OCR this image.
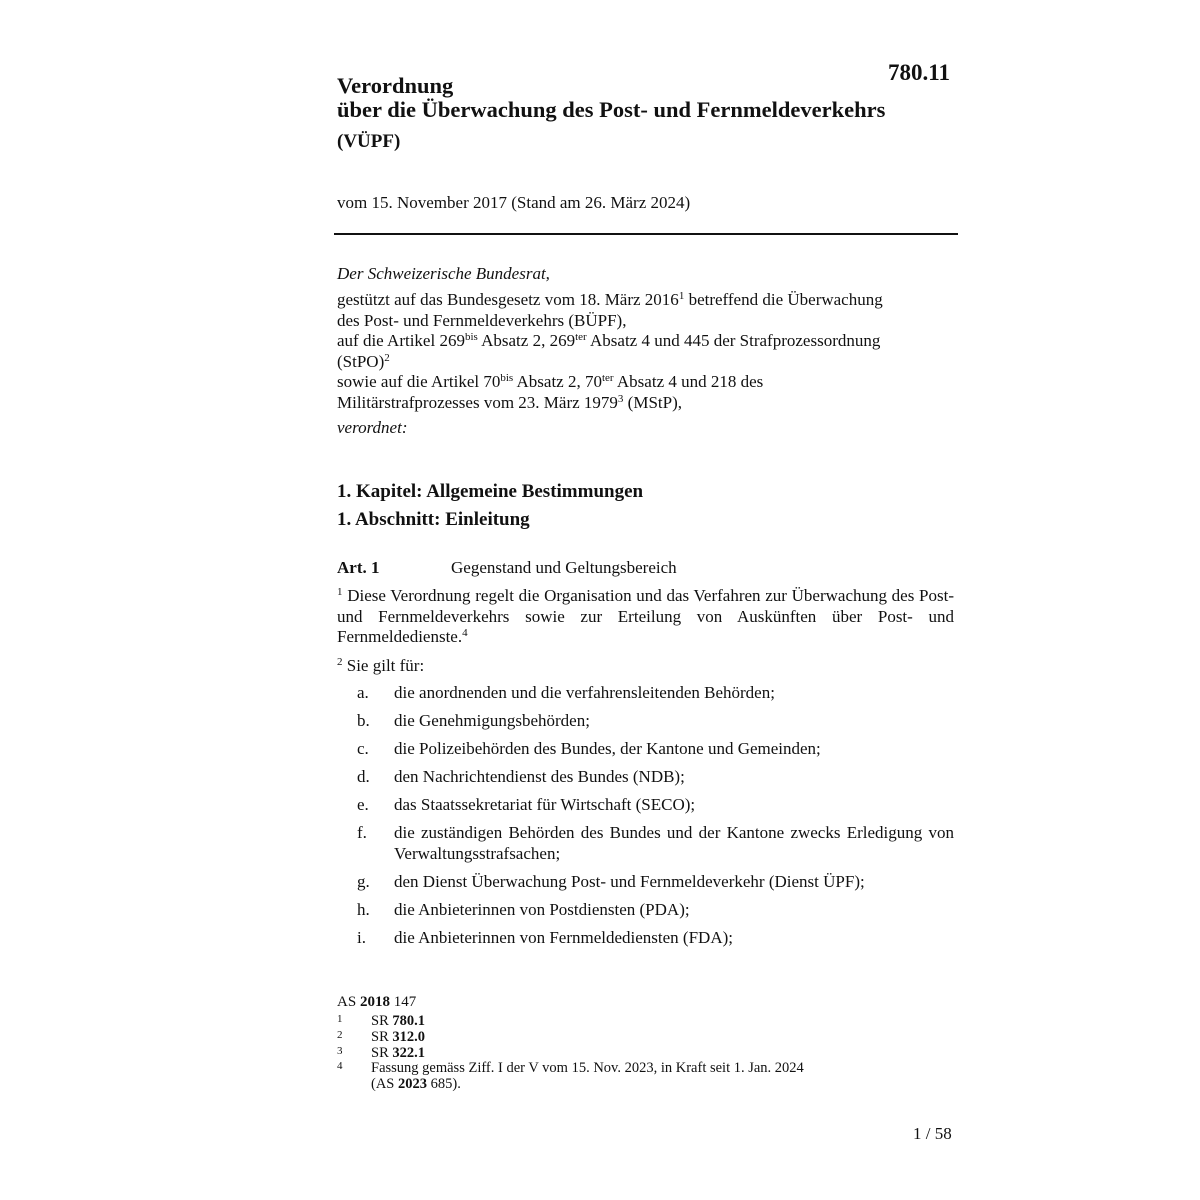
780.11
Verordnung
über die Überwachung des Post- und Fernmeldeverkehrs
(VÜPF)
vom 15. November 2017 (Stand am 26. März 2024)
Der Schweizerische Bundesrat,
gestützt auf das Bundesgesetz vom 18. März 2016$^1$ betreffend die Überwachung
des Post- und Fernmeldeverkehrs (BÜPF),
auf die Artikel $269^{bis}$ Absatz 2, $269^{ter}$ Absatz 4 und 445 der Strafprozessordnung
(StPO)$^2$
sowie auf die Artikel $70^{bis}$ Absatz 2, $70^{ter}$ Absatz 4 und 218 des
Militärstrafprozesses vom 23. März 1979$^3$ (MStP),
verordnet:
1. Kapitel: Allgemeine Bestimmungen
1. Abschnitt: Einleitung
Art. 1	Gegenstand und Geltungsbereich
$^1$ Diese Verordnung regelt die Organisation und das Verfahren zur Überwachung des Post- und Fernmeldeverkehrs sowie zur Erteilung von Auskünften über Post- und Fernmeldedienste.$^4$
$^2$ Sie gilt für:
a.	die anordnenden und die verfahrensleitenden Behörden;
b.	die Genehmigungsbehörden;
c.	die Polizeibehörden des Bundes, der Kantone und Gemeinden;
d.	den Nachrichtendienst des Bundes (NDB);
e.	das Staatssekretariat für Wirtschaft (SECO);
f.	die zuständigen Behörden des Bundes und der Kantone zwecks Erledigung von Verwaltungsstrafsachen;
g.	den Dienst Überwachung Post- und Fernmeldeverkehr (Dienst ÜPF);
h.	die Anbieterinnen von Postdiensten (PDA);
i.	die Anbieterinnen von Fernmeldediensten (FDA);
AS 2018 147
1	SR 780.1
2	SR 312.0
3	SR 322.1
4	Fassung gemäss Ziff. I der V vom 15. Nov. 2023, in Kraft seit 1. Jan. 2024
(AS 2023 685).
1 / 58
